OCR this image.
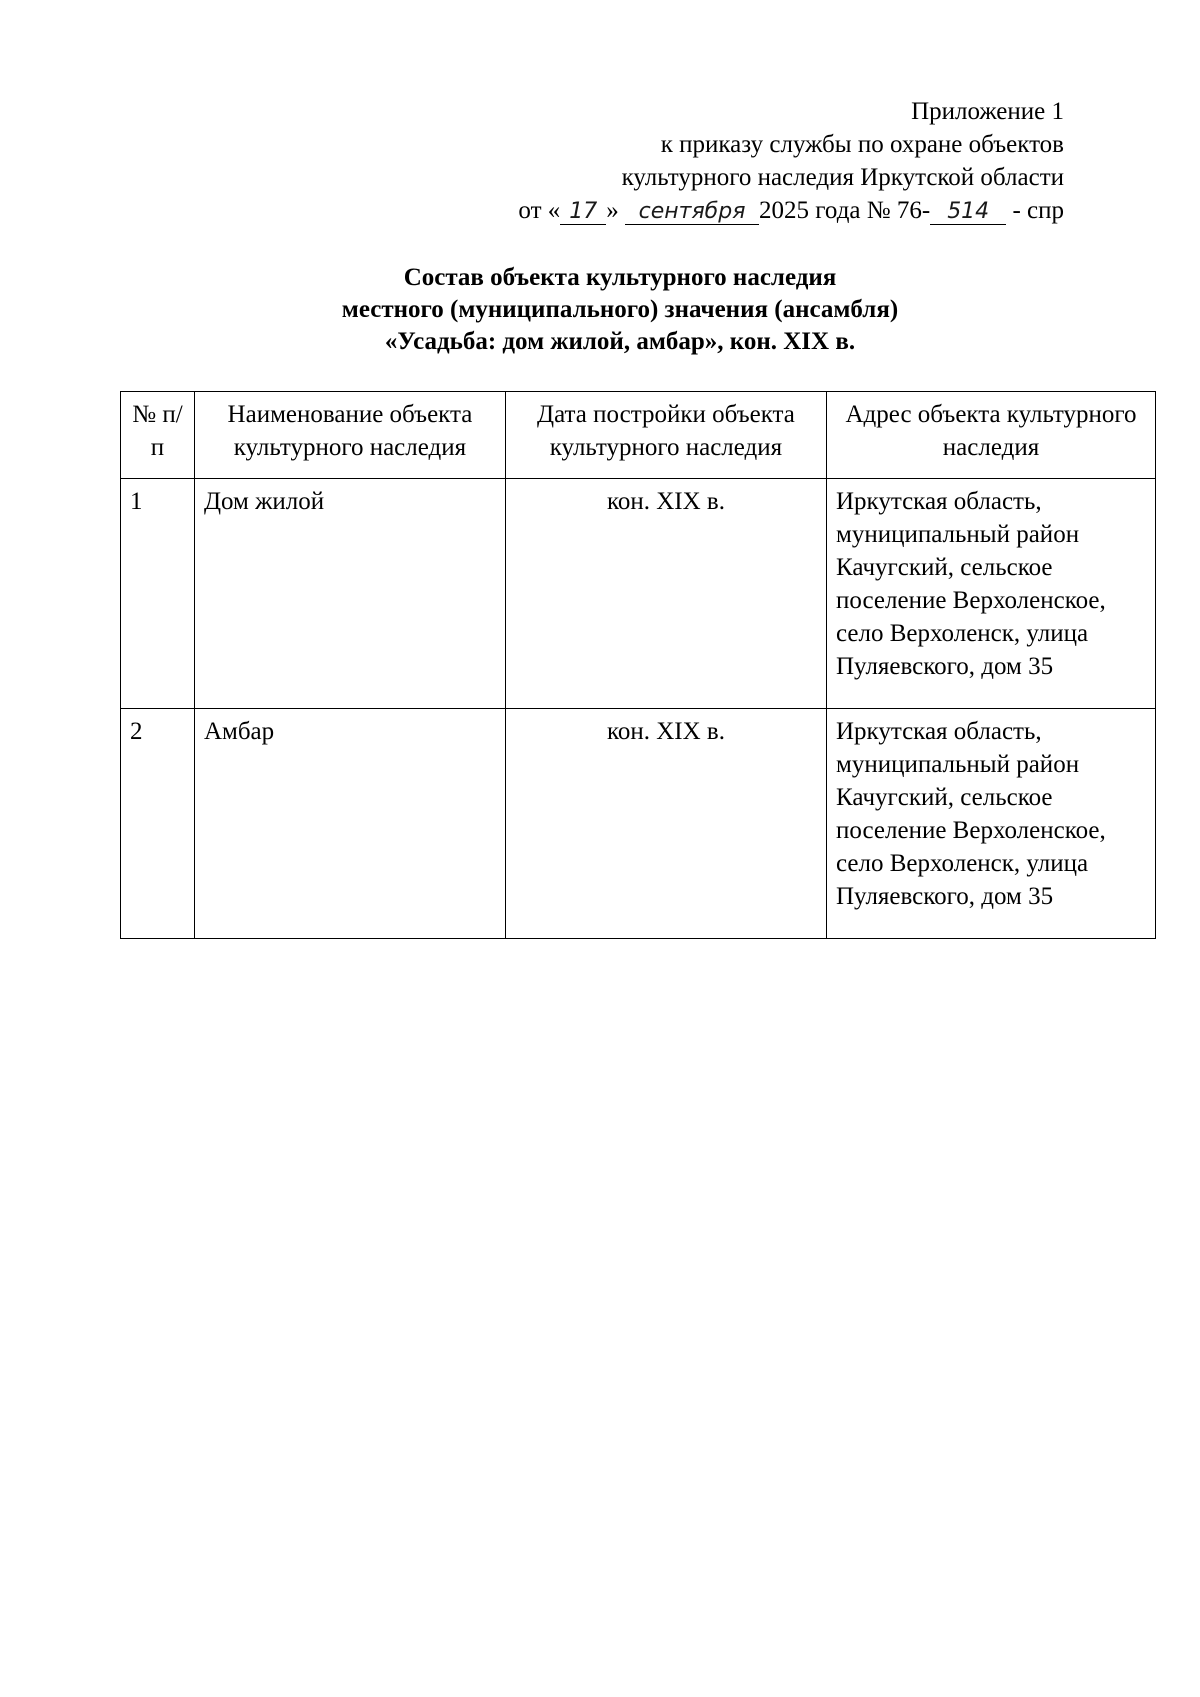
Приложение 1
к приказу службы по охране объектов
культурного наследия Иркутской области
от « 17 » сентября 2025 года № 76- 514 - спр
Состав объекта культурного наследия
местного (муниципального) значения (ансамбля)
«Усадьба: дом жилой, амбар», кон. XIX в.
№ п/п	Наименование объекта культурного наследия	Дата постройки объекта культурного наследия	Адрес объекта культурного наследия
1	Дом жилой	кон. XIX в.	Иркутская область, муниципальный район Качугский, сельское поселение Верхоленское, село Верхоленск, улица Пуляевского, дом 35
2	Амбар	кон. XIX в.	Иркутская область, муниципальный район Качугский, сельское поселение Верхоленское, село Верхоленск, улица Пуляевского, дом 35
